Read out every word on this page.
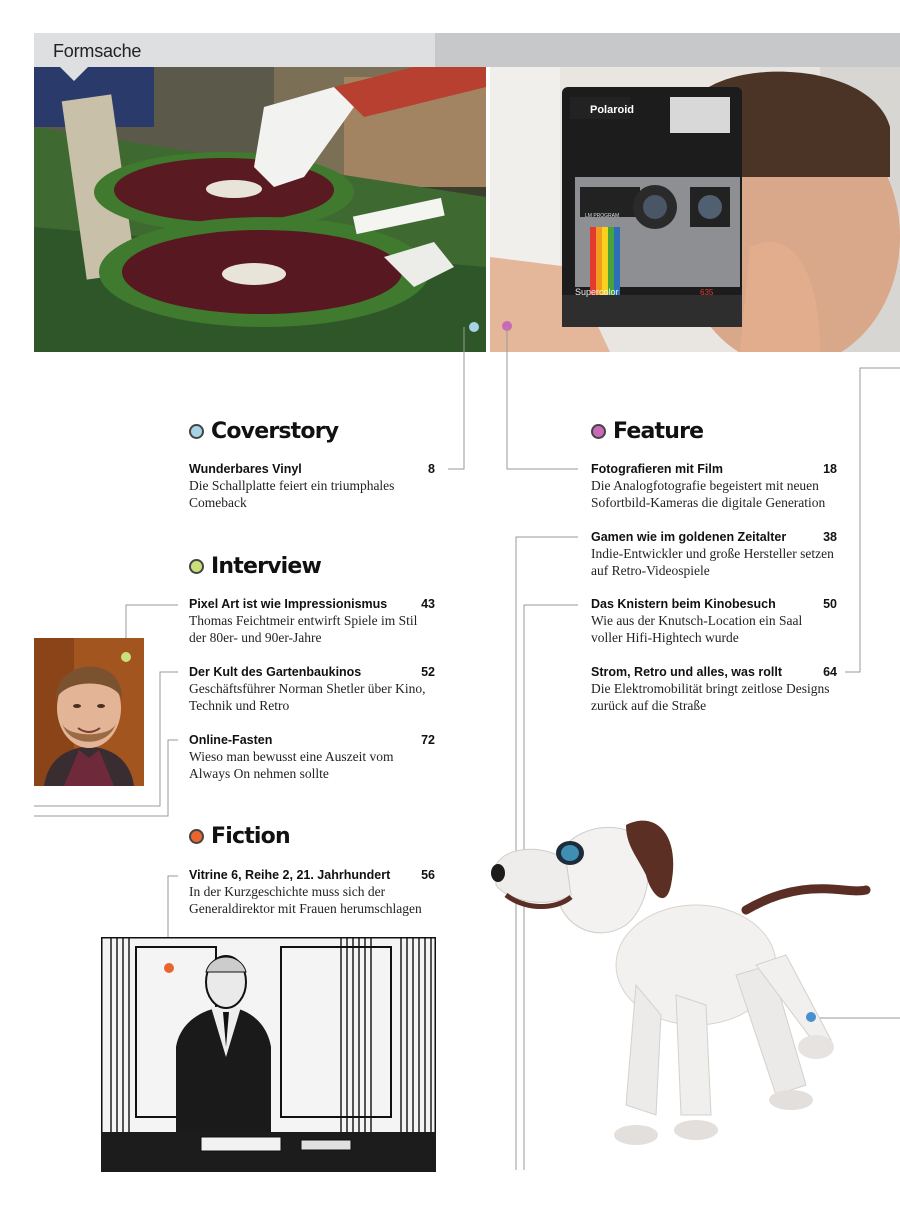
Formsache
Polaroid
LM PROGRAM
Supercolor	635
Coverstory
Wunderbares Vinyl	8
Die Schallplatte feiert ein triumphales Comeback
Interview
Pixel Art ist wie Impressionismus	43
Thomas Feichtmeir entwirft Spiele im Stil der 80er- und 90er-Jahre
Der Kult des Gartenbaukinos	52
Geschäftsführer Norman Shetler über Kino, Technik und Retro
Online-Fasten	72
Wieso man bewusst eine Auszeit vom Always On nehmen sollte
Fiction
Vitrine 6, Reihe 2, 21. Jahrhundert 56
In der Kurzgeschichte muss sich der Generaldirektor mit Frauen herumschlagen
Feature
Fotografieren mit Film	18
Die Analogfotografie begeistert mit neuen Sofortbild-Kameras die digitale Generation
Gamen wie im goldenen Zeitalter	38
Indie-Entwickler und große Hersteller setzen auf Retro-Videospiele
Das Knistern beim Kinobesuch	50
Wie aus der Knutsch-Location ein Saal voller Hifi-Hightech wurde
Strom, Retro und alles, was rollt	64
Die Elektromobilität bringt zeitlose Designs zurück auf die Straße
